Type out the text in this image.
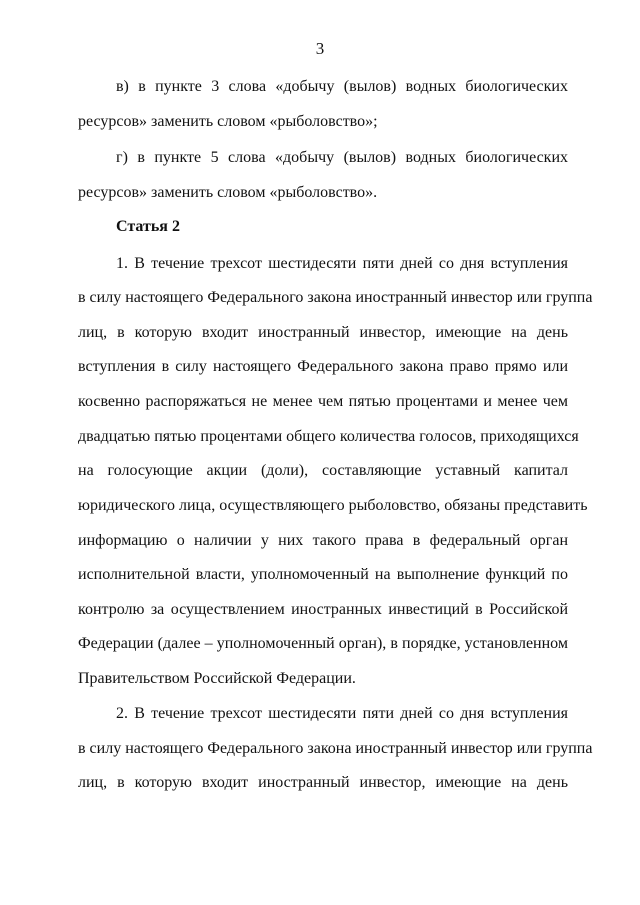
3
в) в пункте 3 слова «добычу (вылов) водных биологических
ресурсов» заменить словом «рыболовство»;
г) в пункте 5 слова «добычу (вылов) водных биологических
ресурсов» заменить словом «рыболовство».
Статья 2
1. В течение трехсот шестидесяти пяти дней со дня вступления
в силу настоящего Федерального закона иностранный инвестор или группа
лиц, в которую входит иностранный инвестор, имеющие на день
вступления в силу настоящего Федерального закона право прямо или
косвенно распоряжаться не менее чем пятью процентами и менее чем
двадцатью пятью процентами общего количества голосов, приходящихся
на голосующие акции (доли), составляющие уставный капитал
юридического лица, осуществляющего рыболовство, обязаны представить
информацию о наличии у них такого права в федеральный орган
исполнительной власти, уполномоченный на выполнение функций по
контролю за осуществлением иностранных инвестиций в Российской
Федерации (далее – уполномоченный орган), в порядке, установленном
Правительством Российской Федерации.
2. В течение трехсот шестидесяти пяти дней со дня вступления
в силу настоящего Федерального закона иностранный инвестор или группа
лиц, в которую входит иностранный инвестор, имеющие на день
